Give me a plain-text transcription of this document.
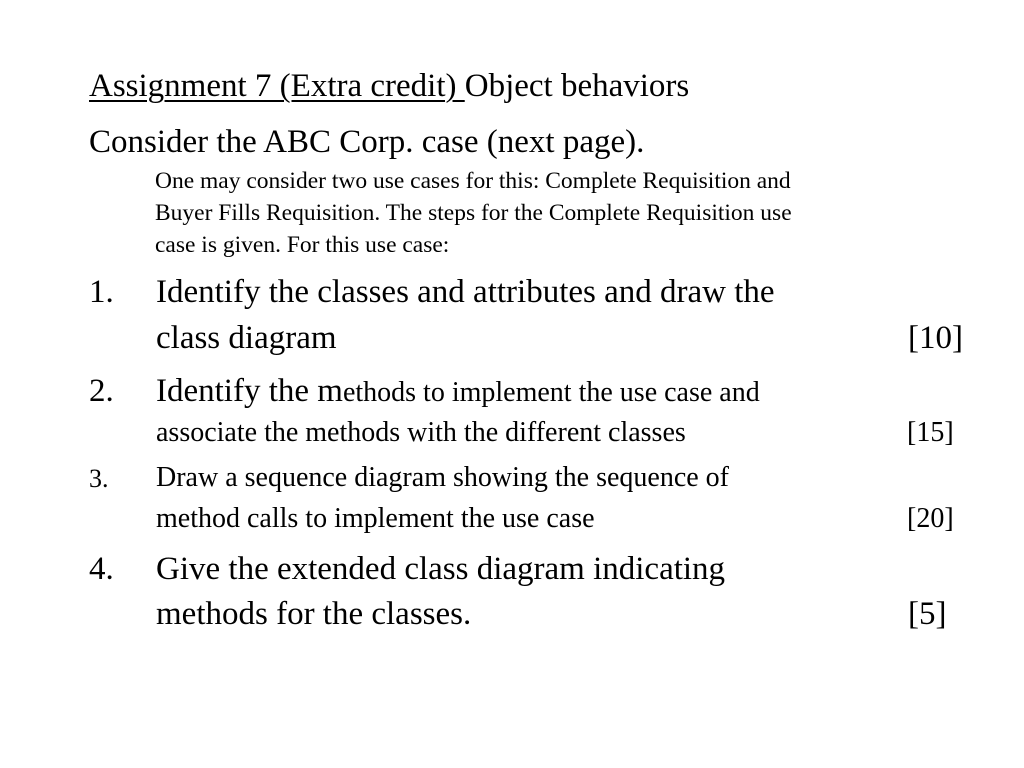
Assignment 7 (Extra credit) Object behaviors
Consider the ABC Corp. case (next page).
One may consider two use cases for this: Complete Requisition and
Buyer Fills Requisition. The steps for the Complete Requisition use
case is given. For this use case:
1. Identify the classes and attributes and draw the
class diagram	[10]
2. Identify the methods to implement the use case and
associate the methods with the different classes	[15]
3. Draw a sequence diagram showing the sequence of
method calls to implement the use case	[20]
4. Give the extended class diagram indicating
methods for the classes.	[5]
